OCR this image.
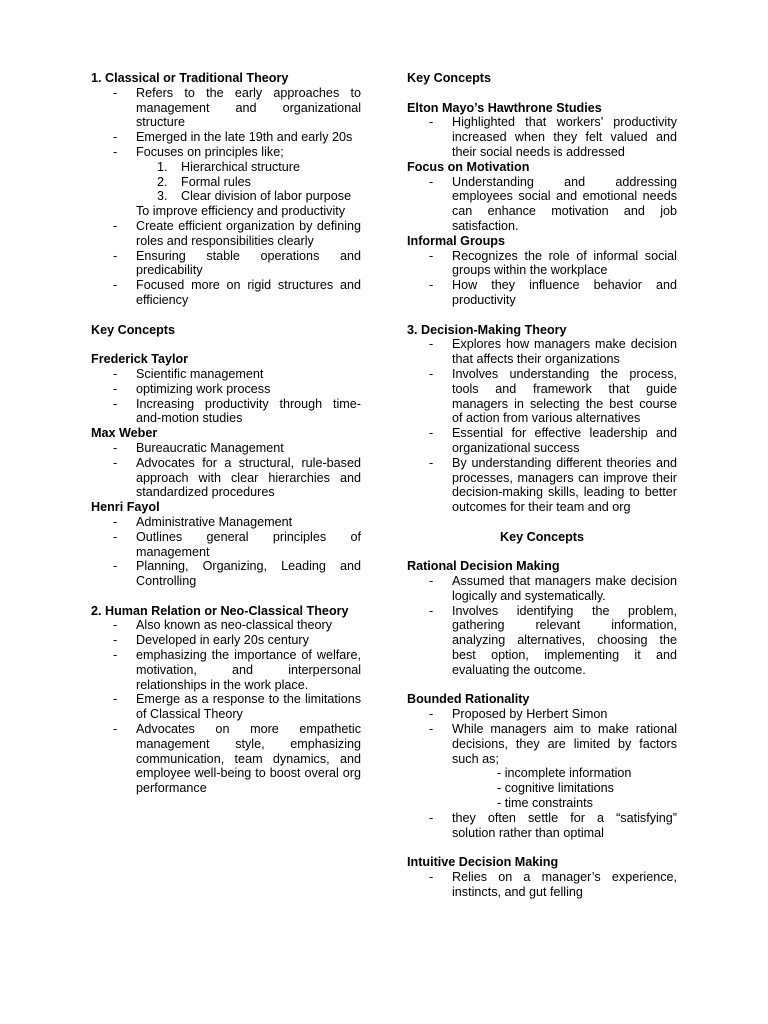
1. Classical or Traditional Theory
- Refers to the early approaches to management and organizational structure
- Emerged in the late 19th and early 20s
- Focuses on principles like;
1. Hierarchical structure
2. Formal rules
3. Clear division of labor purpose
To improve efficiency and productivity
- Create efficient organization by defining roles and responsibilities clearly
- Ensuring stable operations and predicability
- Focused more on rigid structures and efficiency
Key Concepts
Frederick Taylor
- Scientific management
- optimizing work process
- Increasing productivity through time-and-motion studies
Max Weber
- Bureaucratic Management
- Advocates for a structural, rule-based approach with clear hierarchies and standardized procedures
Henri Fayol
- Administrative Management
- Outlines general principles of management
- Planning, Organizing, Leading and Controlling
2. Human Relation or Neo-Classical Theory
- Also known as neo-classical theory
- Developed in early 20s century
- emphasizing the importance of welfare, motivation, and interpersonal relationships in the work place.
- Emerge as a response to the limitations of Classical Theory
- Advocates on more empathetic management style, emphasizing communication, team dynamics, and employee well-being to boost overal org performance
Key Concepts
Elton Mayo’s Hawthrone Studies
- Highlighted that workers’ productivity increased when they felt valued and their social needs is addressed
Focus on Motivation
- Understanding and addressing employees social and emotional needs can enhance motivation and job satisfaction.
Informal Groups
- Recognizes the role of informal social groups within the workplace
- How they influence behavior and productivity
3. Decision-Making Theory
- Explores how managers make decision that affects their organizations
- Involves understanding the process, tools and framework that guide managers in selecting the best course of action from various alternatives
- Essential for effective leadership and organizational success
- By understanding different theories and processes, managers can improve their decision-making skills, leading to better outcomes for their team and org
Key Concepts
Rational Decision Making
- Assumed that managers make decision logically and systematically.
- Involves identifying the problem, gathering relevant information, analyzing alternatives, choosing the best option, implementing it and evaluating the outcome.
Bounded Rationality
- Proposed by Herbert Simon
- While managers aim to make rational decisions, they are limited by factors such as;
- incomplete information
- cognitive limitations
- time constraints
- they often settle for a “satisfying” solution rather than optimal
Intuitive Decision Making
- Relies on a manager’s experience, instincts, and gut felling
